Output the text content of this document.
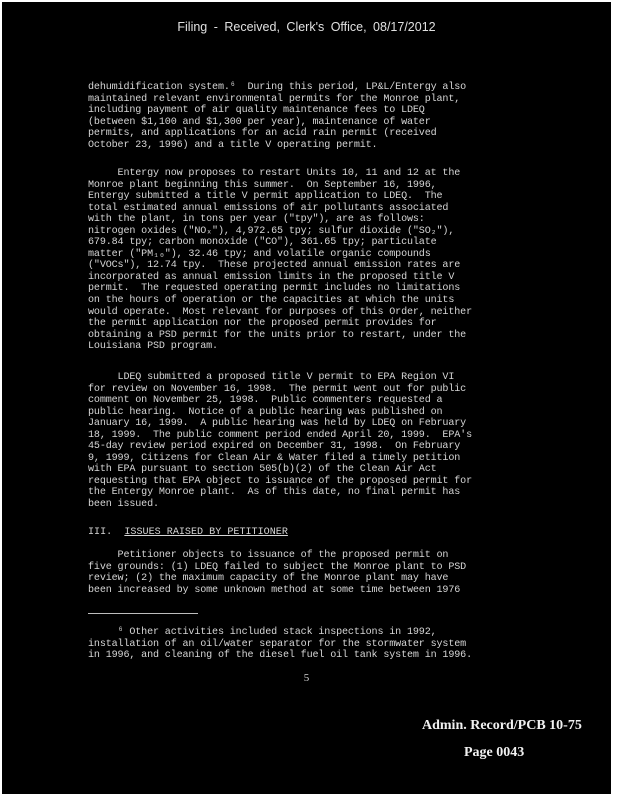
Filing - Received, Clerk's Office, 08/17/2012
dehumidification system.⁶  During this period, LP&L/Entergy also
maintained relevant environmental permits for the Monroe plant,
including payment of air quality maintenance fees to LDEQ
(between $1,100 and $1,300 per year), maintenance of water
permits, and applications for an acid rain permit (received
October 23, 1996) and a title V operating permit.
Entergy now proposes to restart Units 10, 11 and 12 at the
Monroe plant beginning this summer.  On September 16, 1996,
Entergy submitted a title V permit application to LDEQ.  The
total estimated annual emissions of air pollutants associated
with the plant, in tons per year ("tpy"), are as follows:
nitrogen oxides ("NOₓ"), 4,972.65 tpy; sulfur dioxide ("SO₂"),
679.84 tpy; carbon monoxide ("CO"), 361.65 tpy; particulate
matter ("PM₁₀"), 32.46 tpy; and volatile organic compounds
("VOCs"), 12.74 tpy.  These projected annual emission rates are
incorporated as annual emission limits in the proposed title V
permit.  The requested operating permit includes no limitations
on the hours of operation or the capacities at which the units
would operate.  Most relevant for purposes of this Order, neither
the permit application nor the proposed permit provides for
obtaining a PSD permit for the units prior to restart, under the
Louisiana PSD program.
LDEQ submitted a proposed title V permit to EPA Region VI
for review on November 16, 1998.  The permit went out for public
comment on November 25, 1998.  Public commenters requested a
public hearing.  Notice of a public hearing was published on
January 16, 1999.  A public hearing was held by LDEQ on February
18, 1999.  The public comment period ended April 20, 1999.  EPA's
45-day review period expired on December 31, 1998.  On February
9, 1999, Citizens for Clean Air & Water filed a timely petition
with EPA pursuant to section 505(b)(2) of the Clean Air Act
requesting that EPA object to issuance of the proposed permit for
the Entergy Monroe plant.  As of this date, no final permit has
been issued.
III. ISSUES RAISED BY PETITIONER
Petitioner objects to issuance of the proposed permit on
five grounds: (1) LDEQ failed to subject the Monroe plant to PSD
review; (2) the maximum capacity of the Monroe plant may have
been increased by some unknown method at some time between 1976
⁶ Other activities included stack inspections in 1992,
installation of an oil/water separator for the stormwater system
in 1996, and cleaning of the diesel fuel oil tank system in 1996.
5
Admin. Record/PCB 10-75
Page 0043
